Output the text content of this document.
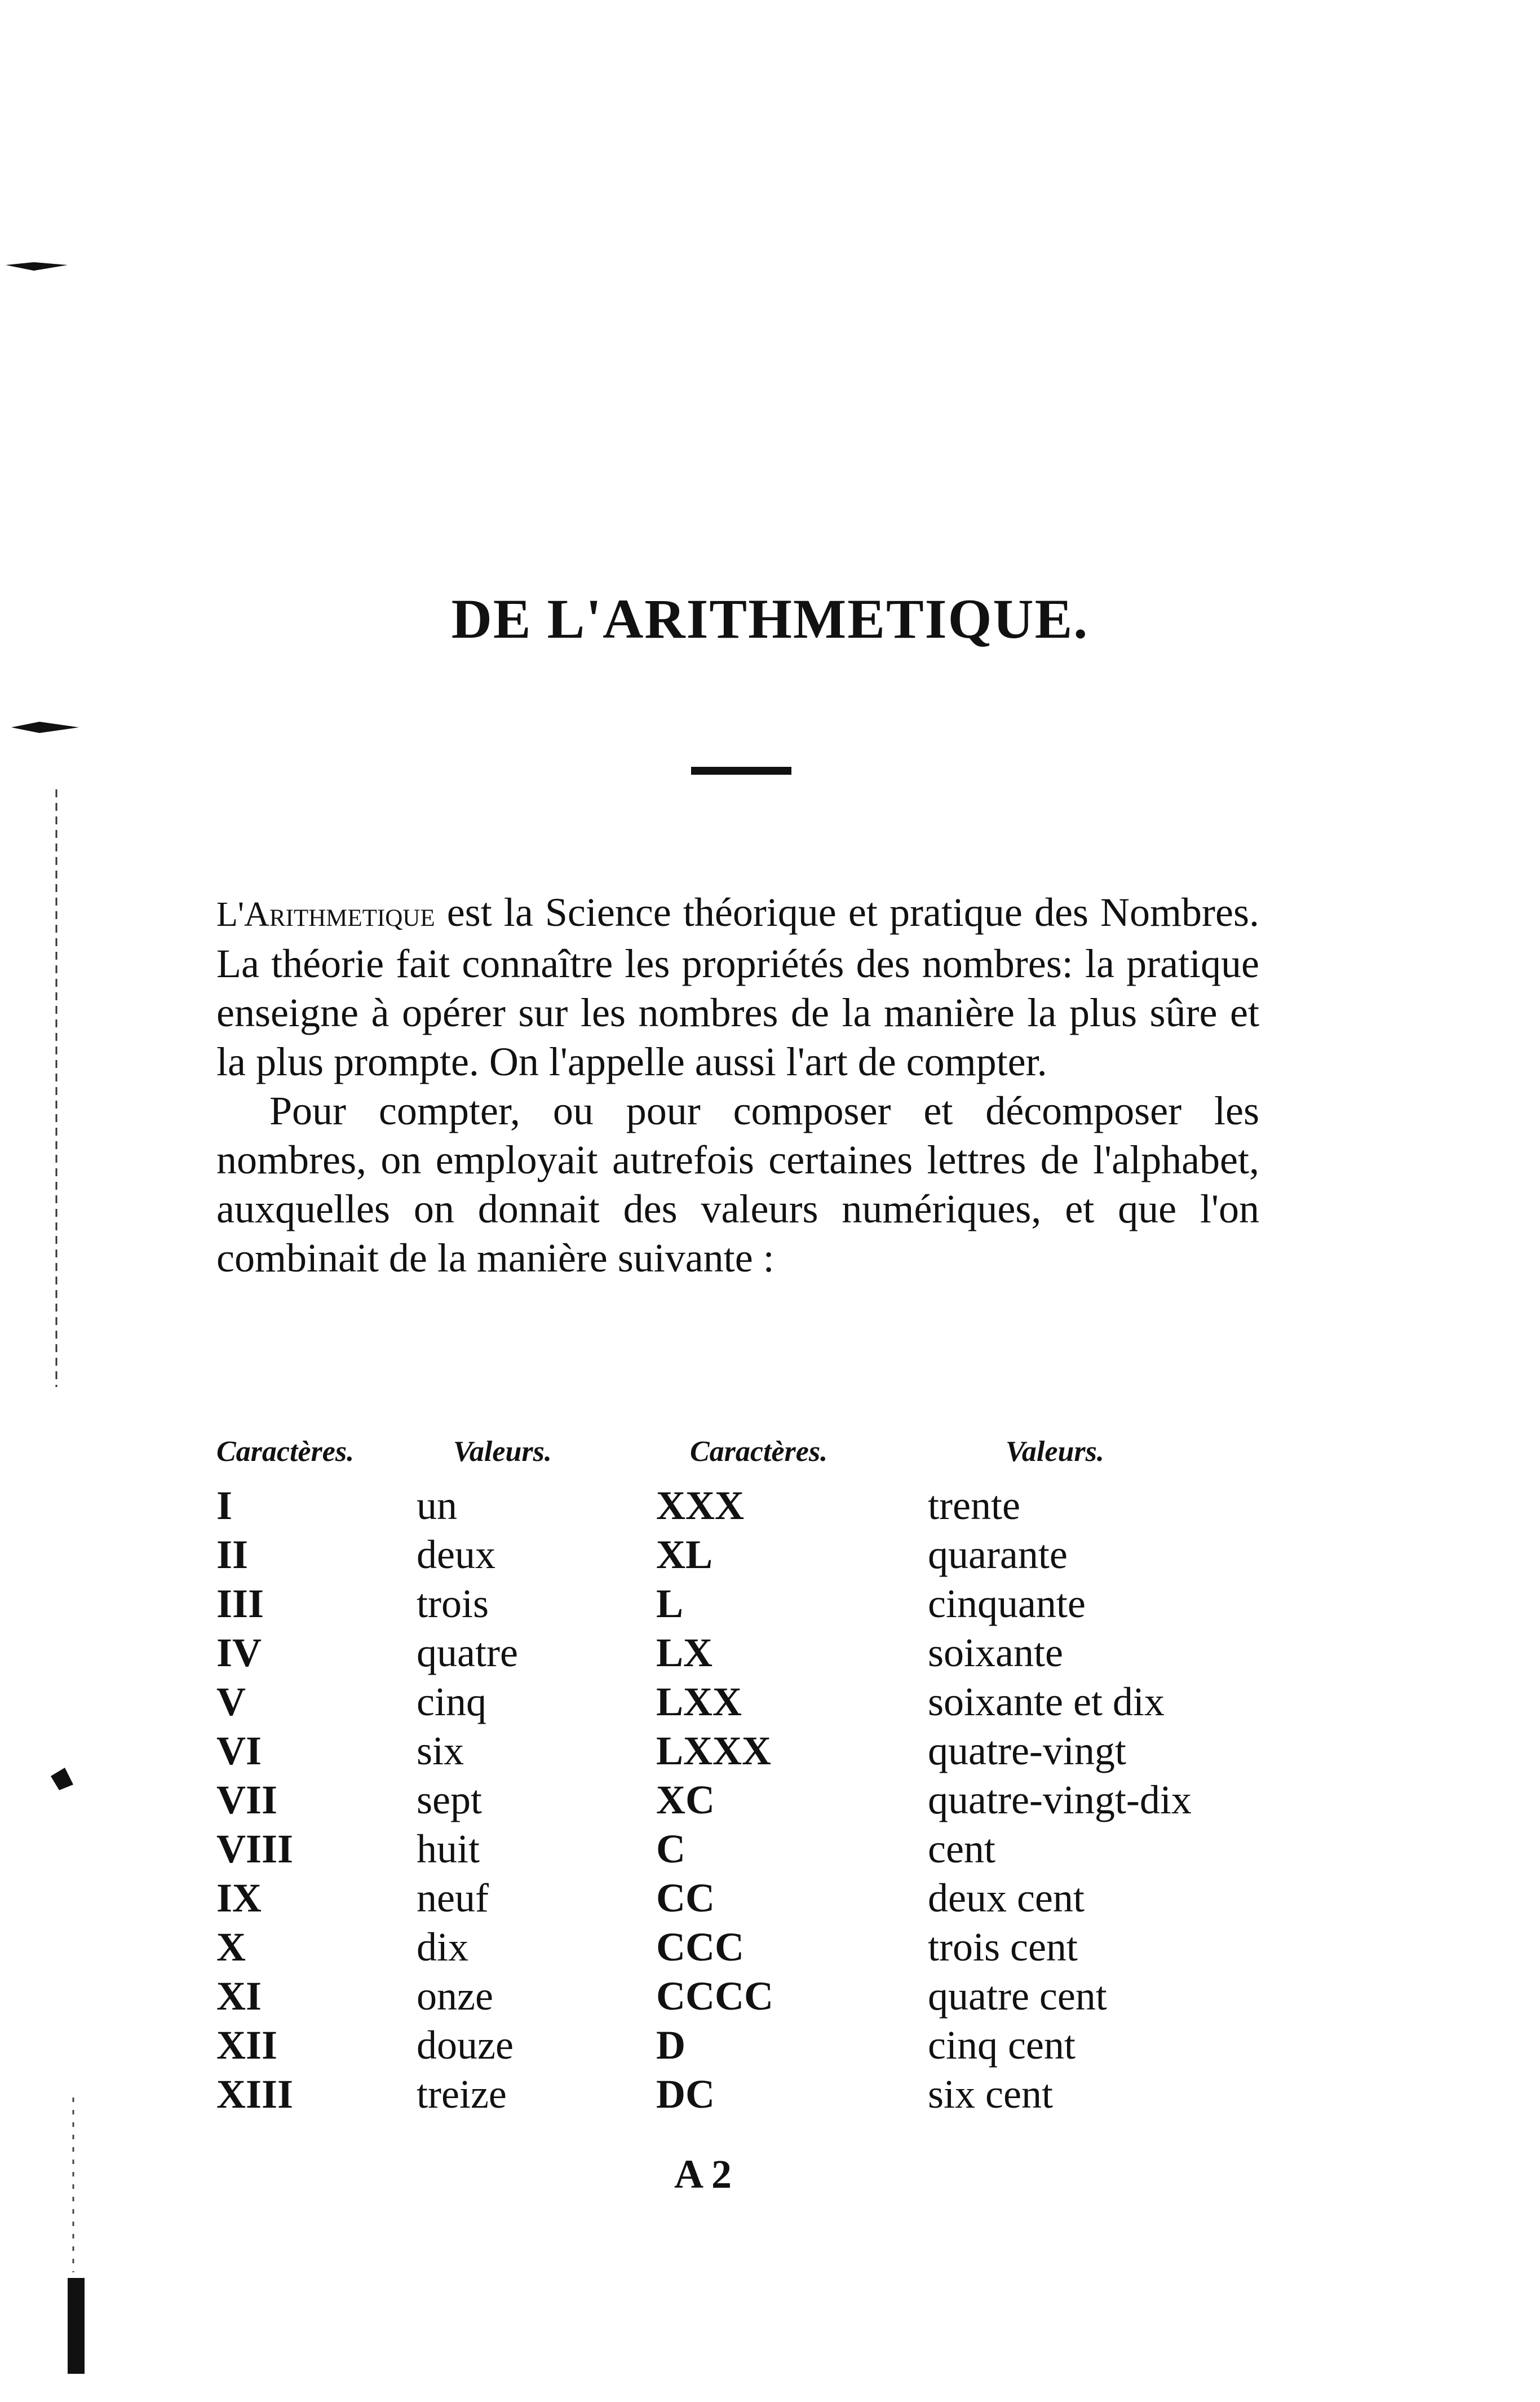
DE L'ARITHMETIQUE.

L'Arithmetique est la Science théorique et pratique des Nombres. La théorie fait connaître les propriétés des nombres: la pratique enseigne à opérer sur les nombres de la manière la plus sûre et la plus prompte. On l'appelle aussi l'art de compter.

Pour compter, ou pour composer et décomposer les nombres, on employait autrefois certaines lettres de l'alphabet, auxquelles on donnait des valeurs numériques, et que l'on combinait de la manière suivante :

Caractères.	Valeurs.	Caractères.	Valeurs.
I	un	XXX	trente
II	deux	XL	quarante
III	trois	L	cinquante
IV	quatre	LX	soixante
V	cinq	LXX	soixante et dix
VI	six	LXXX	quatre-vingt
VII	sept	XC	quatre-vingt-dix
VIII	huit	C	cent
IX	neuf	CC	deux cent
X	dix	CCC	trois cent
XI	onze	CCCC	quatre cent
XII	douze	D	cinq cent
XIII	treize	DC	six cent
A 2
